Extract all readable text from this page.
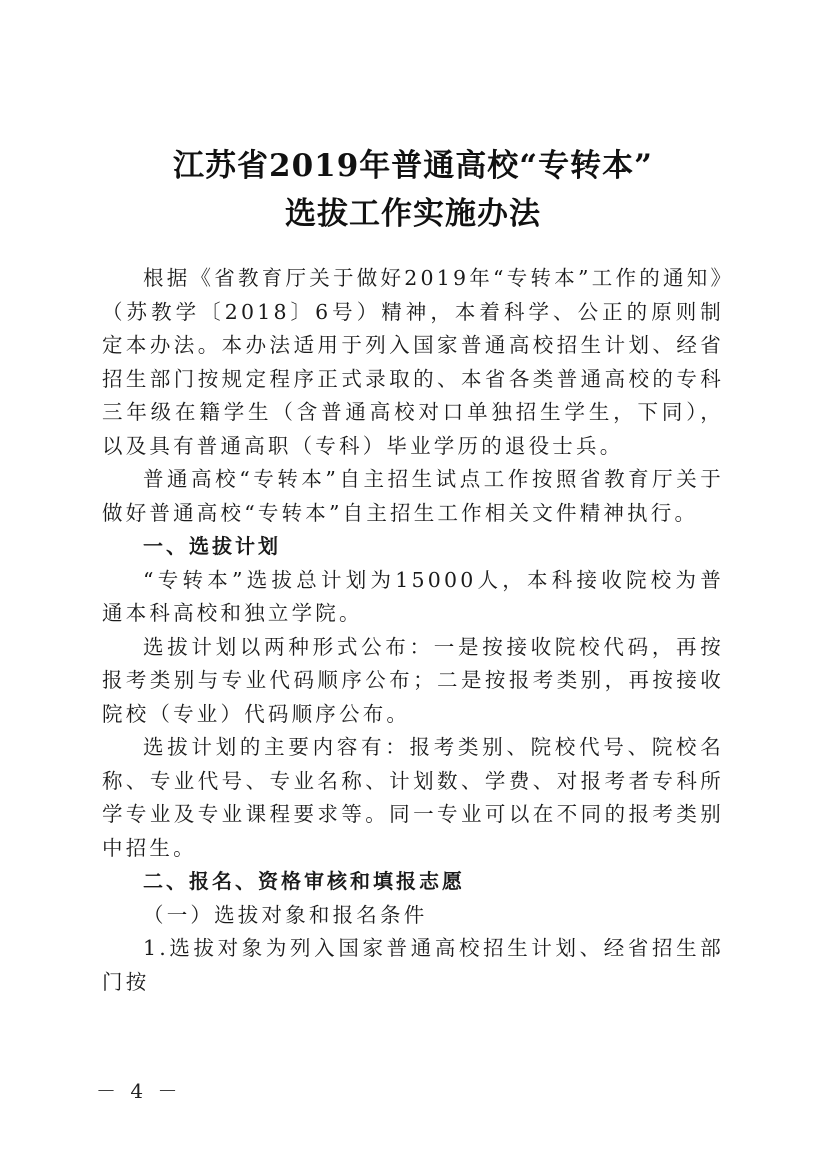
江苏省2019年普通高校“专转本”
选拔工作实施办法

根据《省教育厅关于做好2019年“专转本”工作的通知》（苏教学〔2018〕6号）精神，本着科学、公正的原则制定本办法。本办法适用于列入国家普通高校招生计划、经省招生部门按规定程序正式录取的、本省各类普通高校的专科三年级在籍学生（含普通高校对口单独招生学生，下同），以及具有普通高职（专科）毕业学历的退役士兵。

普通高校“专转本”自主招生试点工作按照省教育厅关于做好普通高校“专转本”自主招生工作相关文件精神执行。

一、选拔计划

“专转本”选拔总计划为15000人，本科接收院校为普通本科高校和独立学院。

选拔计划以两种形式公布：一是按接收院校代码，再按报考类别与专业代码顺序公布；二是按报考类别，再按接收院校（专业）代码顺序公布。

选拔计划的主要内容有：报考类别、院校代号、院校名称、专业代号、专业名称、计划数、学费、对报考者专科所学专业及专业课程要求等。同一专业可以在不同的报考类别中招生。

二、报名、资格审核和填报志愿

（一）选拔对象和报名条件

1.选拔对象为列入国家普通高校招生计划、经省招生部门按

－ 4 －
